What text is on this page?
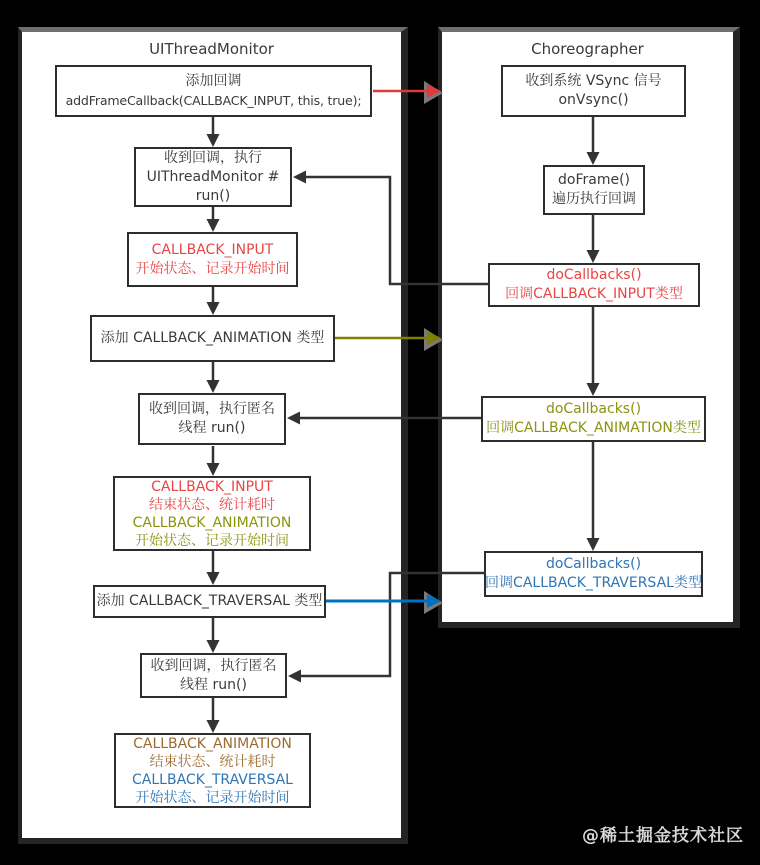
UIThreadMonitor	Choreographer
添加回调
addFrameCallback(CALLBACK_INPUT, this, true);
收到回调，执行
UIThreadMonitor #
run()
CALLBACK_INPUT
开始状态、记录开始时间
添加 CALLBACK_ANIMATION 类型
收到回调，执行匿名
线程 run()
CALLBACK_INPUT
结束状态、统计耗时
CALLBACK_ANIMATION
开始状态、记录开始时间
添加 CALLBACK_TRAVERSAL 类型
收到回调，执行匿名
线程 run()
CALLBACK_ANIMATION
结束状态、统计耗时
CALLBACK_TRAVERSAL
开始状态、记录开始时间
收到系统 VSync 信号
onVsync()
doFrame()
遍历执行回调
doCallbacks()
回调CALLBACK_INPUT类型
doCallbacks()
回调CALLBACK_ANIMATION类型
doCallbacks()
回调CALLBACK_TRAVERSAL类型
@稀土掘金技术社区
